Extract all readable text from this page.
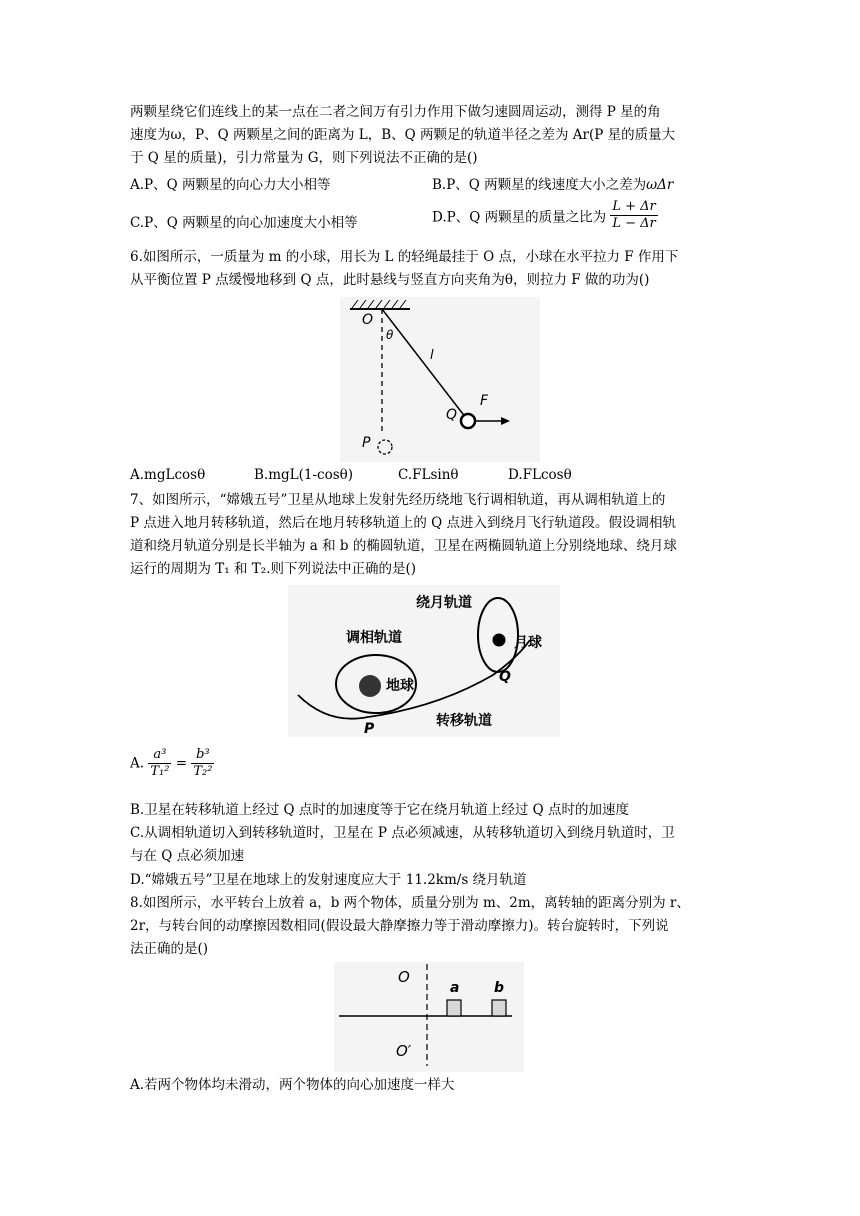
两颗星绕它们连线上的某一点在二者之间万有引力作用下做匀速圆周运动，测得 P 星的角
速度为ω，P、Q 两颗星之间的距离为 L，B、Q 两颗足的轨道半径之差为 Ar(P 星的质量大
于 Q 星的质量)，引力常量为 G，则下列说法不正确的是()
A.P、Q 两颗星的向心力大小相等	B.P、Q 两颗星的线速度大小之差为ωΔr
C.P、Q 两颗星的向心加速度大小相等	D.P、Q 两颗星的质量之比为 $\frac{L + \Delta r}{L - \Delta r}$
6.如图所示，一质量为 m 的小球，用长为 L 的轻绳最挂于 O 点，小球在水平拉力 F 作用下
从平衡位置 P 点缓慢地移到 Q 点，此时悬线与竖直方向夹角为θ，则拉力 F 做的功为()
O
θ
l
Q
F
P
A.mgLcosθ	B.mgL(1-cosθ)	C.FLsinθ	D.FLcosθ
7、如图所示，“嫦娥五号”卫星从地球上发射先经历绕地飞行调相轨道，再从调相轨道上的
P 点进入地月转移轨道，然后在地月转移轨道上的 Q 点进入到绕月飞行轨道段。假设调相轨
道和绕月轨道分别是长半轴为 a 和 b 的椭圆轨道，卫星在两椭圆轨道上分别绕地球、绕月球
运行的周期为 T₁ 和 T₂.则下列说法中正确的是()
绕月轨道
调相轨道	月球
地球
Q
P	转移轨道
A. $\frac{\text{a³}}{\text{T₁²}} = \frac{\text{b³}}{\text{T₂²}}$
B.卫星在转移轨道上经过 Q 点时的加速度等于它在绕月轨道上经过 Q 点时的加速度
C.从调相轨道切入到转移轨道时，卫星在 P 点必须减速，从转移轨道切入到绕月轨道时，卫
与在 Q 点必须加速
D.“嫦娥五号”卫星在地球上的发射速度应大于 11.2km/s 绕月轨道
8.如图所示，水平转台上放着 a，b 两个物体，质量分别为 m、2m，离转轴的距离分别为 r、
2r，与转台间的动摩擦因数相同(假设最大静摩擦力等于滑动摩擦力)。转台旋转时，下列说
法正确的是()
O
a b
O′
A.若两个物体均未滑动，两个物体的向心加速度一样大
